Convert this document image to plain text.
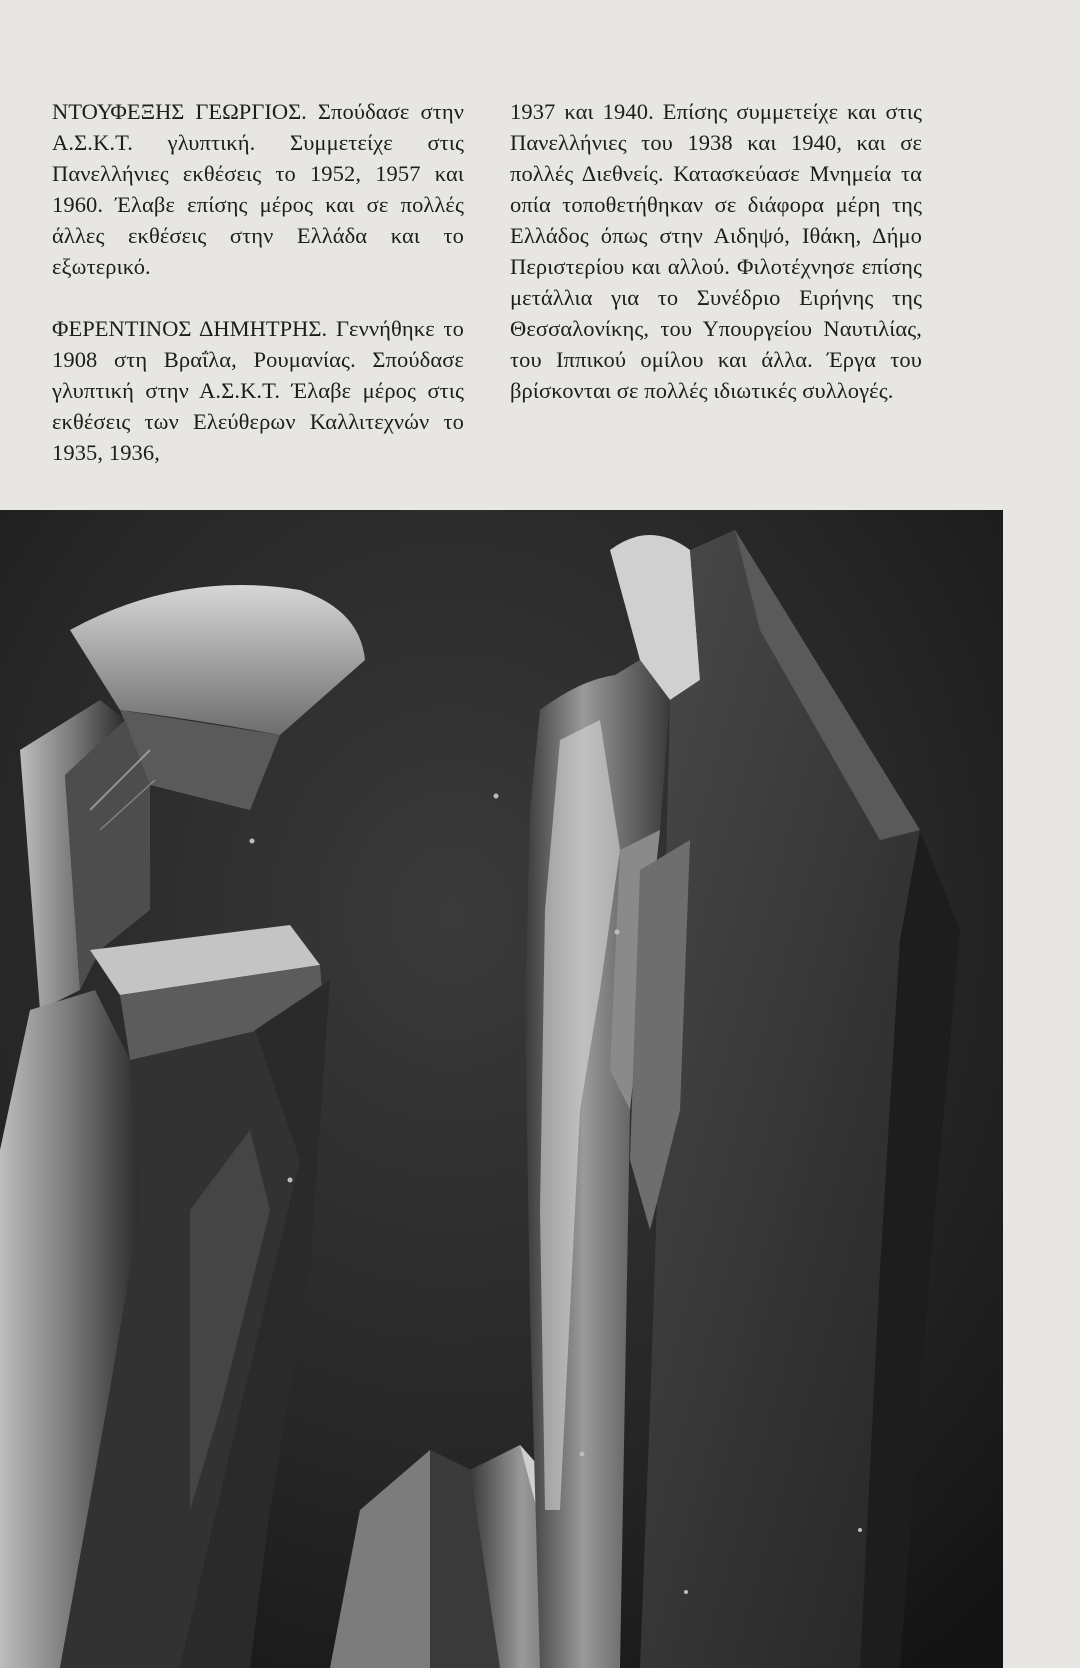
ΝΤΟΥΦΕΞΗΣ ΓΕΩΡΓΙΟΣ. Σπούδασε στην Α.Σ.Κ.Τ. γλυπτική. Συμμετείχε στις Πανελλήνιες εκθέσεις το 1952, 1957 και 1960. Έλαβε επίσης μέρος και σε πολλές άλλες εκθέσεις στην Ελλάδα και το εξωτερικό.

ΦΕΡΕΝΤΙΝΟΣ ΔΗΜΗΤΡΗΣ. Γεννήθηκε το 1908 στη Βραΐλα, Ρουμανίας. Σπούδασε γλυπτική στην Α.Σ.Κ.Τ. Έλαβε μέρος στις εκθέσεις των Ελεύθερων Καλλιτεχνών το 1935, 1936,

1937 και 1940. Επίσης συμμετείχε και στις Πανελλήνιες του 1938 και 1940, και σε πολλές Διεθνείς. Κατασκεύασε Μνημεία τα οπία τοποθετήθηκαν σε διάφορα μέρη της Ελλάδος όπως στην Αιδηψό, Ιθάκη, Δήμο Περιστερίου και αλλού. Φιλοτέχνησε επίσης μετάλλια για το Συνέδριο Ειρήνης της Θεσσαλονίκης, του Υπουργείου Ναυτιλίας, του Ιππικού ομίλου και άλλα. Έργα του βρίσκονται σε πολλές ιδιωτικές συλλογές.
